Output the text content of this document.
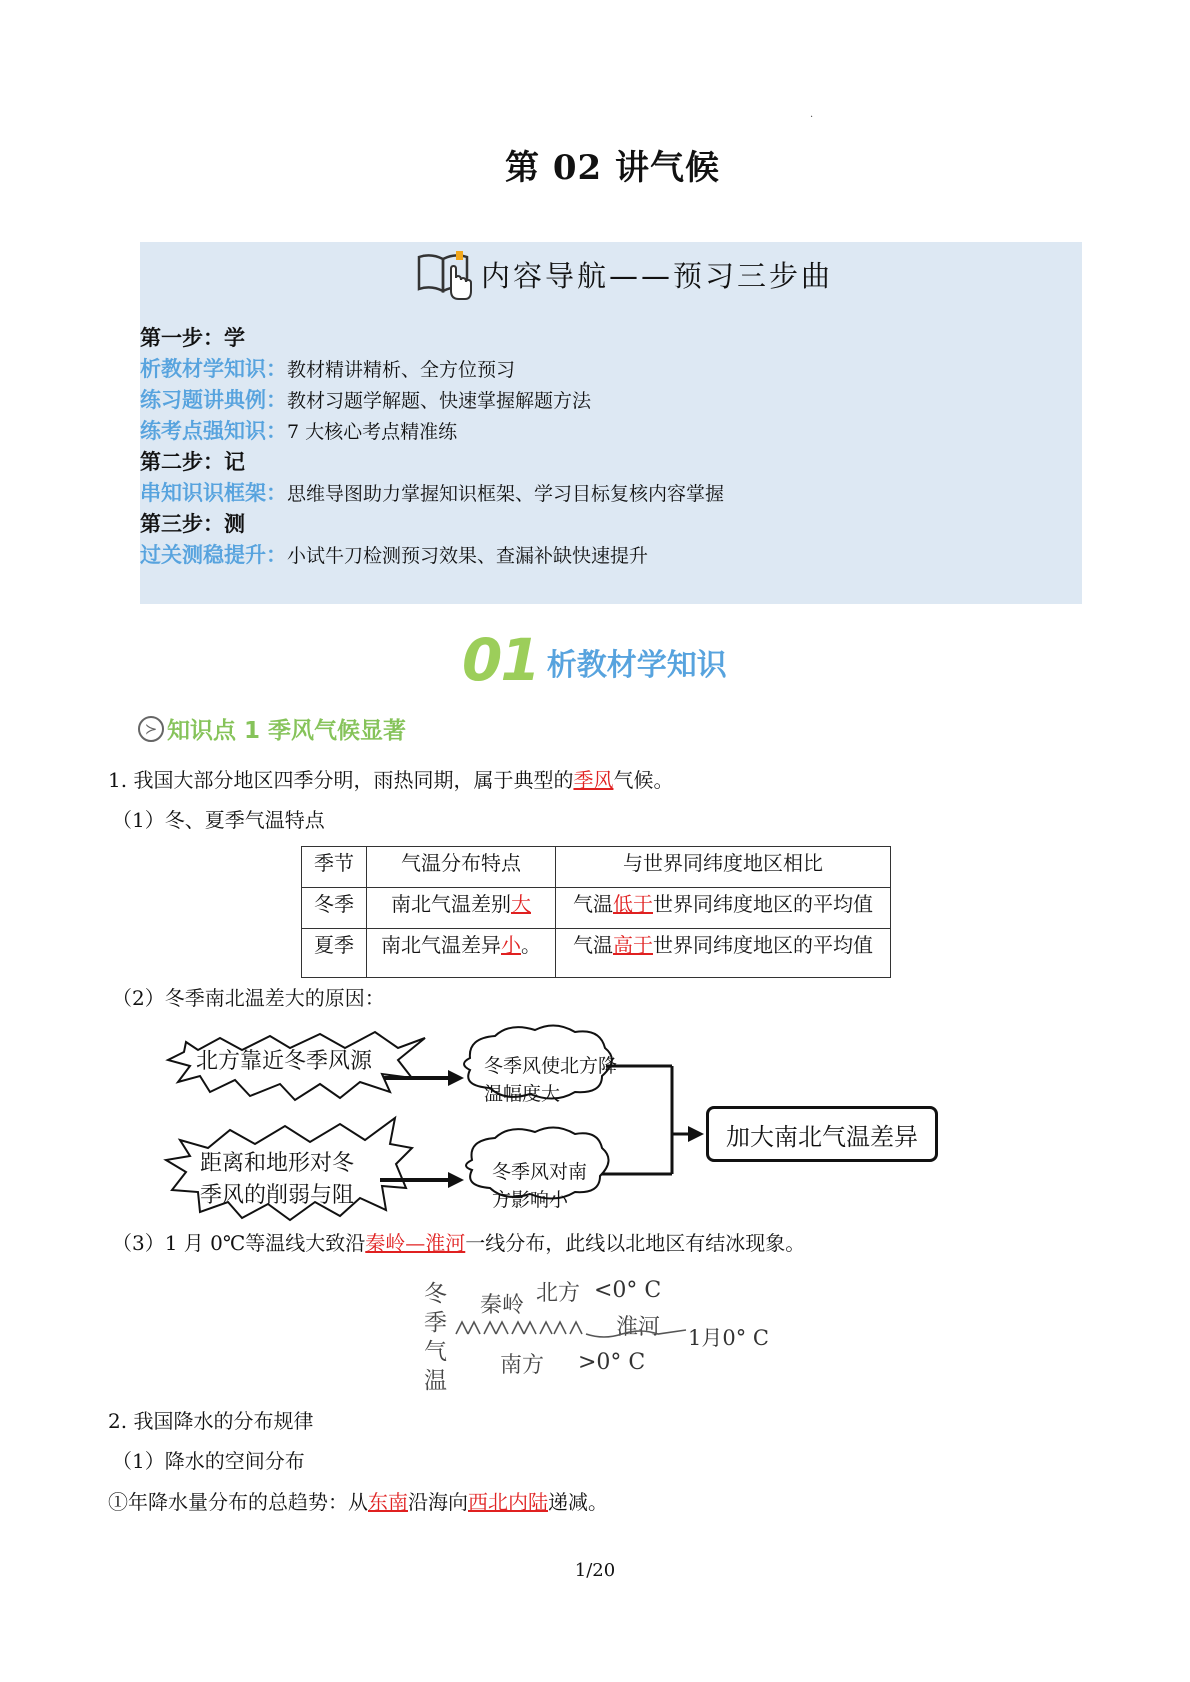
·
第 02 讲气候
内容导航——预习三步曲
第一步：学
析教材学知识：教材精讲精析、全方位预习
练习题讲典例：教材习题学解题、快速掌握解题方法
练考点强知识：7 大核心考点精准练
第二步：记
串知识识框架：思维导图助力掌握知识框架、学习目标复核内容掌握
第三步：测
过关测稳提升：小试牛刀检测预习效果、查漏补缺快速提升
01 析教材学知识
≻ 知识点 1 季风气候显著
1. 我国大部分地区四季分明，雨热同期，属于典型的季风气候。
（1）冬、夏季气温特点
季节	气温分布特点	与世界同纬度地区相比
冬季	南北气温差别大	气温低于世界同纬度地区的平均值
夏季	南北气温差异小。	气温高于世界同纬度地区的平均值
（2）冬季南北温差大的原因：
北方靠近冬季风源
距离和地形对冬
季风的削弱与阻
冬季风使北方降
温幅度大
冬季风对南
方影响小
加大南北气温差异
（3）1 月 0℃等温线大致沿秦岭—淮河一线分布，此线以北地区有结冰现象。
冬
季
气
温
秦岭 北方 <0° C
淮河 1月0° C
南方 >0° C
2. 我国降水的分布规律
（1）降水的空间分布
①年降水量分布的总趋势：从东南沿海向西北内陆递减。
1/20
